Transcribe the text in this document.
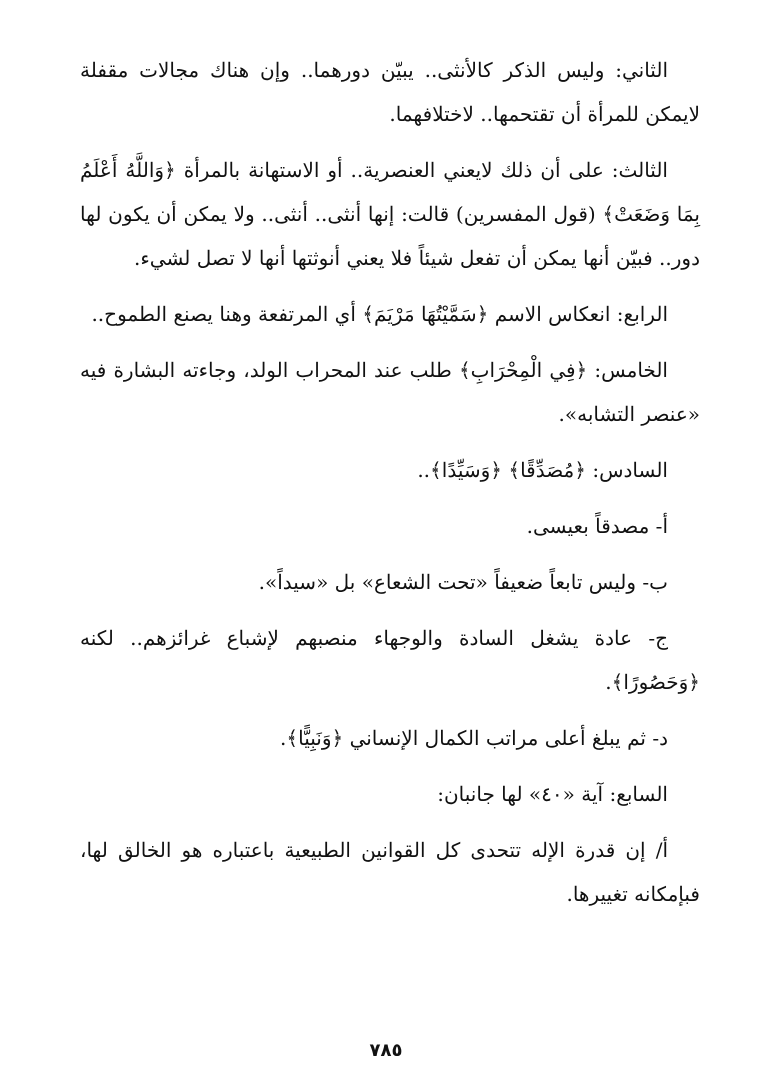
الثاني: وليس الذكر كالأنثى.. يبيّن دورهما.. وإن هناك مجالات مقفلة لايمكن للمرأة أن تقتحمها.. لاختلافهما.

الثالث: على أن ذلك لايعني العنصرية.. أو الاستهانة بالمرأة ﴿وَاللَّهُ أَعْلَمُ بِمَا وَضَعَتْ﴾ (قول المفسرين) قالت: إنها أنثى.. أنثى.. ولا يمكن أن يكون لها دور.. فبيّن أنها يمكن أن تفعل شيئاً فلا يعني أنوثتها أنها لا تصل لشيء.

الرابع: انعكاس الاسم ﴿سَمَّيْتُهَا مَرْيَمَ﴾ أي المرتفعة وهنا يصنع الطموح..

الخامس: ﴿فِي الْمِحْرَابِ﴾ طلب عند المحراب الولد، وجاءته البشارة فيه «عنصر التشابه».

السادس: ﴿مُصَدِّقًا﴾ ﴿وَسَيِّدًا﴾..

أ- مصدقاً بعيسى.

ب- وليس تابعاً ضعيفاً «تحت الشعاع» بل «سيداً».

ج- عادة يشغل السادة والوجهاء منصبهم لإشباع غرائزهم.. لكنه ﴿وَحَصُورًا﴾.

د- ثم يبلغ أعلى مراتب الكمال الإنساني ﴿وَنَبِيًّا﴾.

السابع: آية «٤٠» لها جانبان:

أ/ إن قدرة الإله تتحدى كل القوانين الطبيعية باعتباره هو الخالق لها، فبإمكانه تغييرها.

٧٨٥
